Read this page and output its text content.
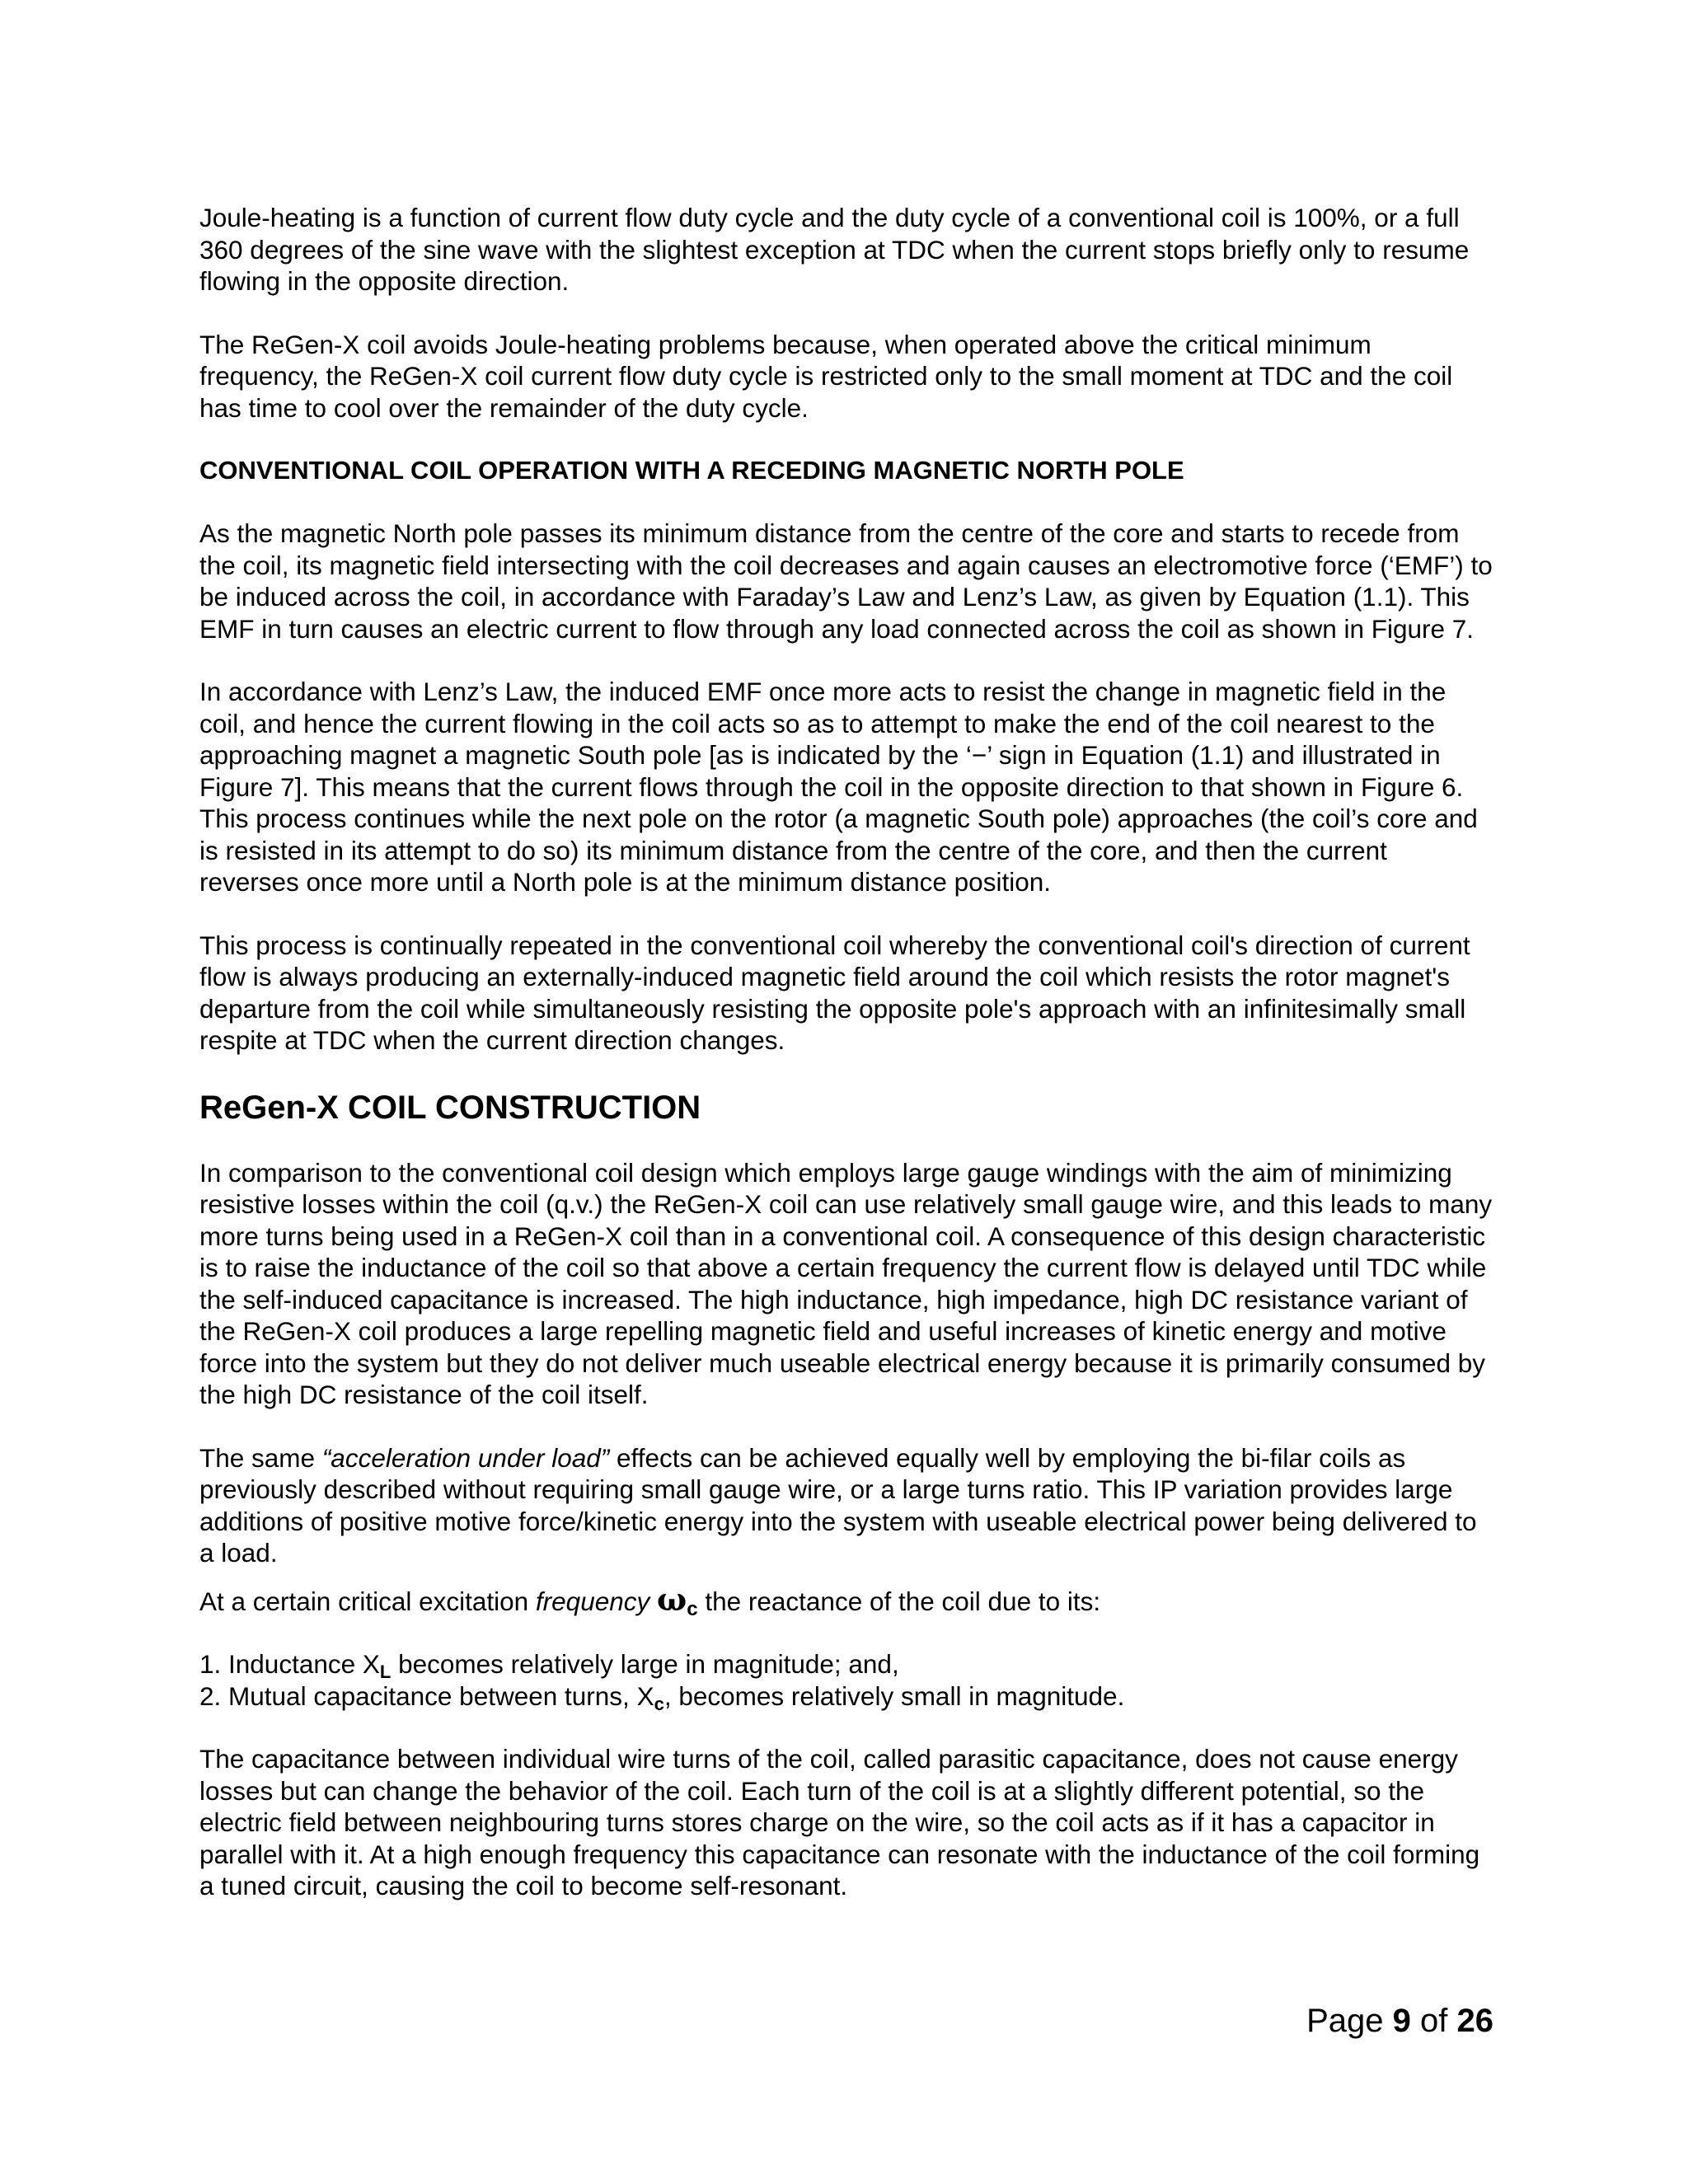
Joule-heating is a function of current flow duty cycle and the duty cycle of a conventional coil is 100%, or a full 360 degrees of the sine wave with the slightest exception at TDC when the current stops briefly only to resume flowing in the opposite direction.

The ReGen-X coil avoids Joule-heating problems because, when operated above the critical minimum frequency, the ReGen-X coil current flow duty cycle is restricted only to the small moment at TDC and the coil has time to cool over the remainder of the duty cycle.

CONVENTIONAL COIL OPERATION WITH A RECEDING MAGNETIC NORTH POLE

As the magnetic North pole passes its minimum distance from the centre of the core and starts to recede from the coil, its magnetic field intersecting with the coil decreases and again causes an electromotive force (‘EMF’) to be induced across the coil, in accordance with Faraday’s Law and Lenz’s Law, as given by Equation (1.1). This EMF in turn causes an electric current to flow through any load connected across the coil as shown in Figure 7.

In accordance with Lenz’s Law, the induced EMF once more acts to resist the change in magnetic field in the coil, and hence the current flowing in the coil acts so as to attempt to make the end of the coil nearest to the approaching magnet a magnetic South pole [as is indicated by the ‘−’ sign in Equation (1.1) and illustrated in Figure 7]. This means that the current flows through the coil in the opposite direction to that shown in Figure 6.

This process continues while the next pole on the rotor (a magnetic South pole) approaches (the coil’s core and is resisted in its attempt to do so) its minimum distance from the centre of the core, and then the current reverses once more until a North pole is at the minimum distance position.

This process is continually repeated in the conventional coil whereby the conventional coil's direction of current flow is always producing an externally-induced magnetic field around the coil which resists the rotor magnet's departure from the coil while simultaneously resisting the opposite pole's approach with an infinitesimally small respite at TDC when the current direction changes.

ReGen-X COIL CONSTRUCTION

In comparison to the conventional coil design which employs large gauge windings with the aim of minimizing resistive losses within the coil (q.v.) the ReGen-X coil can use relatively small gauge wire, and this leads to many more turns being used in a ReGen-X coil than in a conventional coil. A consequence of this design characteristic is to raise the inductance of the coil so that above a certain frequency the current flow is delayed until TDC while the self-induced capacitance is increased. The high inductance, high impedance, high DC resistance variant of the ReGen-X coil produces a large repelling magnetic field and useful increases of kinetic energy and motive force into the system but they do not deliver much useable electrical energy because it is primarily consumed by the high DC resistance of the coil itself.

The same “acceleration under load” effects can be achieved equally well by employing the bi-filar coils as previously described without requiring small gauge wire, or a large turns ratio. This IP variation provides large additions of positive motive force/kinetic energy into the system with useable electrical power being delivered to a load.

At a certain critical excitation frequency $\omega_c$ the reactance of the coil due to its:

1. Inductance $X_L$ becomes relatively large in magnitude; and,
2. Mutual capacitance between turns, $X_c$, becomes relatively small in magnitude.

The capacitance between individual wire turns of the coil, called parasitic capacitance, does not cause energy losses but can change the behavior of the coil. Each turn of the coil is at a slightly different potential, so the electric field between neighbouring turns stores charge on the wire, so the coil acts as if it has a capacitor in parallel with it. At a high enough frequency this capacitance can resonate with the inductance of the coil forming a tuned circuit, causing the coil to become self-resonant.

Page 9 of 26
